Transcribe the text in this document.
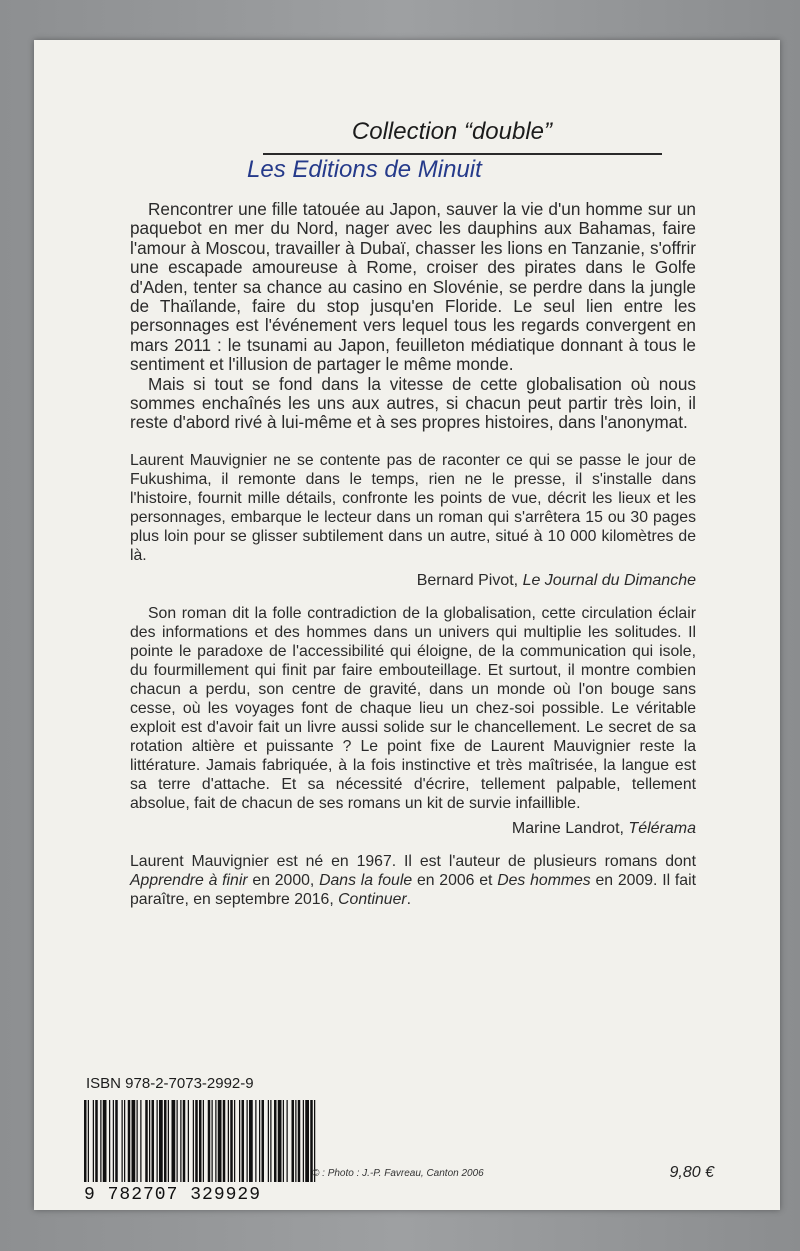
Collection “double”
Les Editions de Minuit

Rencontrer une fille tatouée au Japon, sauver la vie d'un homme sur un paquebot en mer du Nord, nager avec les dauphins aux Bahamas, faire l'amour à Moscou, travailler à Dubaï, chasser les lions en Tanzanie, s'offrir une escapade amoureuse à Rome, croiser des pirates dans le Golfe d'Aden, tenter sa chance au casino en Slovénie, se perdre dans la jungle de Thaïlande, faire du stop jusqu'en Floride. Le seul lien entre les personnages est l'événement vers lequel tous les regards convergent en mars 2011 : le tsunami au Japon, feuilleton médiatique donnant à tous le sentiment et l'illusion de partager le même monde.

Mais si tout se fond dans la vitesse de cette globalisation où nous sommes enchaînés les uns aux autres, si chacun peut partir très loin, il reste d'abord rivé à lui-même et à ses propres histoires, dans l'anonymat.

Laurent Mauvignier ne se contente pas de raconter ce qui se passe le jour de Fukushima, il remonte dans le temps, rien ne le presse, il s'installe dans l'histoire, fournit mille détails, confronte les points de vue, décrit les lieux et les personnages, embarque le lecteur dans un roman qui s'arrêtera 15 ou 30 pages plus loin pour se glisser subtilement dans un autre, situé à 10 000 kilomètres de là.

Bernard Pivot, Le Journal du Dimanche

Son roman dit la folle contradiction de la globalisation, cette circulation éclair des informations et des hommes dans un univers qui multiplie les solitudes. Il pointe le paradoxe de l'accessibilité qui éloigne, de la communication qui isole, du fourmillement qui finit par faire embouteillage. Et surtout, il montre combien chacun a perdu, son centre de gravité, dans un monde où l'on bouge sans cesse, où les voyages font de chaque lieu un chez-soi possible. Le véritable exploit est d'avoir fait un livre aussi solide sur le chancellement. Le secret de sa rotation altière et puissante ? Le point fixe de Laurent Mauvignier reste la littérature. Jamais fabriquée, à la fois instinctive et très maîtrisée, la langue est sa terre d'attache. Et sa nécessité d'écrire, tellement palpable, tellement absolue, fait de chacun de ses romans un kit de survie infaillible.

Marine Landrot, Télérama

Laurent Mauvignier est né en 1967. Il est l'auteur de plusieurs romans dont Apprendre à finir en 2000, Dans la foule en 2006 et Des hommes en 2009. Il fait paraître, en septembre 2016, Continuer.

ISBN 978-2-7073-2992-9
9 782707 329929
© : Photo : J.-P. Favreau, Canton 2006	9,80 €
